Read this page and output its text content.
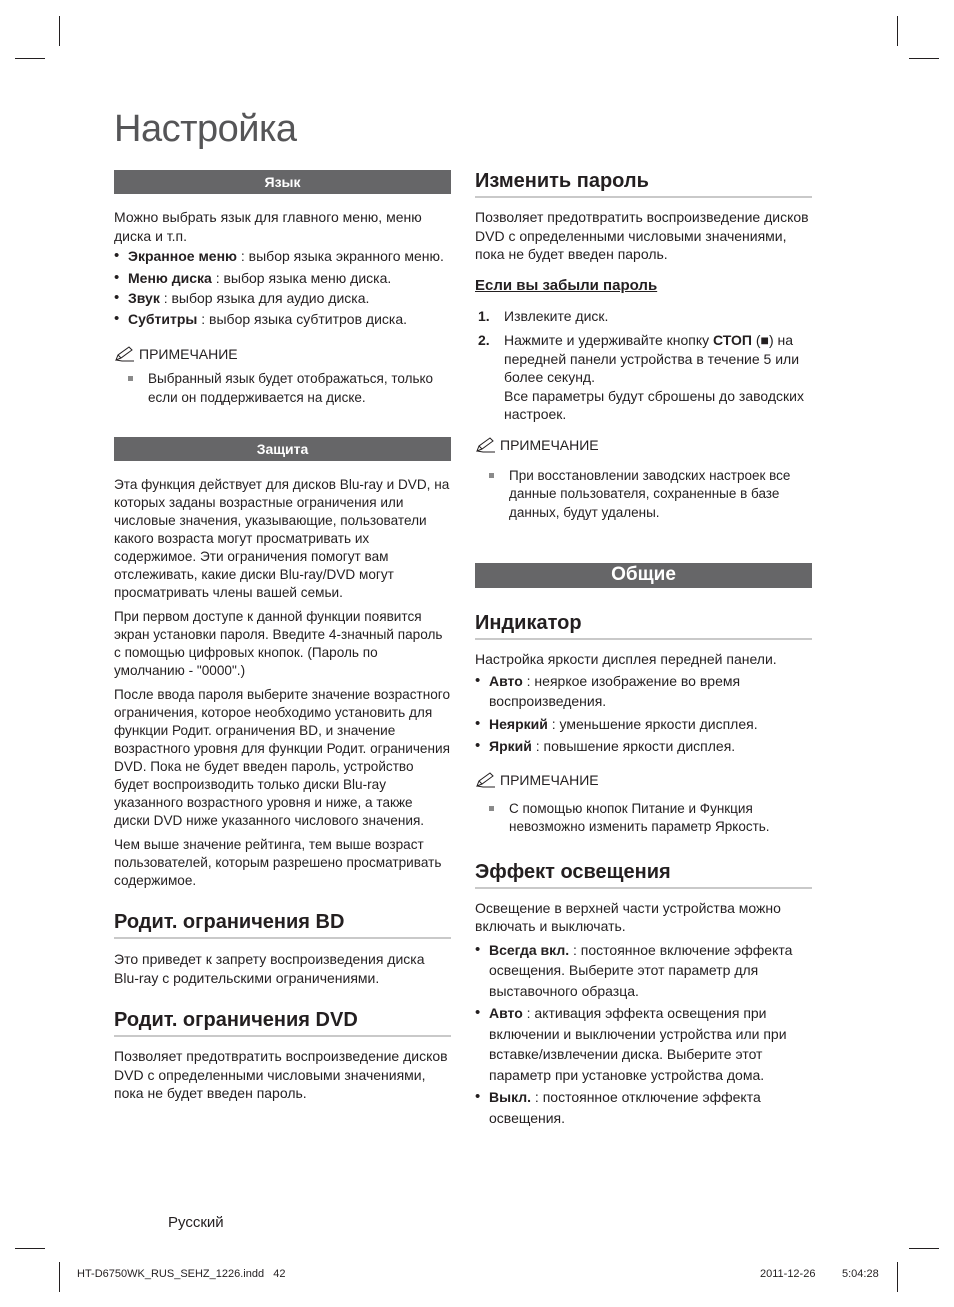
Настройка
Язык

Можно выбрать язык для главного меню, меню диска и т.п.

• Экранное меню : выбор языка экранного меню.
• Меню диска : выбор языка меню диска.
• Звук : выбор языка для аудио диска.
• Субтитры : выбор языка субтитров диска.
ПРИМЕЧАНИЕ
Выбранный язык будет отображаться, только если он поддерживается на диске.
Защита

Эта функция действует для дисков Blu-ray и DVD, на которых заданы возрастные ограничения или числовые значения, указывающие, пользователи какого возраста могут просматривать их содержимое. Эти ограничения помогут вам отслеживать, какие диски Blu-ray/DVD могут просматривать члены вашей семьи.

При первом доступе к данной функции появится экран установки пароля. Введите 4-значный пароль с помощью цифровых кнопок. (Пароль по умолчанию - "0000".)

После ввода пароля выберите значение возрастного ограничения, которое необходимо установить для функции Родит. ограничения BD, и значение возрастного уровня для функции Родит. ограничения DVD. Пока не будет введен пароль, устройство будет воспроизводить только диски Blu-ray указанного возрастного уровня и ниже, а также диски DVD ниже указанного числового значения.

Чем выше значение рейтинга, тем выше возраст пользователей, которым разрешено просматривать содержимое.

Родит. ограничения BD

Это приведет к запрету воспроизведения диска Blu-ray с родительскими ограничениями.

Родит. ограничения DVD

Позволяет предотвратить воспроизведение дисков DVD с определенными числовыми значениями, пока не будет введен пароль.

Изменить пароль

Позволяет предотвратить воспроизведение дисков DVD с определенными числовыми значениями, пока не будет введен пароль.

Если вы забыли пароль
1. Извлеките диск.
2. Нажмите и удерживайте кнопку СТОП (■) на передней панели устройства в течение 5 или более секунд.
Все параметры будут сброшены до заводских настроек.
ПРИМЕЧАНИЕ
При восстановлении заводских настроек все данные пользователя, сохраненные в базе данных, будут удалены.
Общие
Индикатор

Настройка яркости дисплея передней панели.

• Авто : неяркое изображение во время воспроизведения.
• Неяркий : уменьшение яркости дисплея.
• Яркий : повышение яркости дисплея.
ПРИМЕЧАНИЕ
С помощью кнопок Питание и Функция невозможно изменить параметр Яркость.
Эффект освещения

Освещение в верхней части устройства можно включать и выключать.

• Всегда вкл. : постоянное включение эффекта освещения. Выберите этот параметр для выставочного образца.
• Авто : активация эффекта освещения при включении и выключении устройства или при вставке/извлечении диска. Выберите этот параметр при установке устройства дома.
• Выкл. : постоянное отключение эффекта освещения.
Русский
HT-D6750WK_RUS_SEHZ_1226.indd 42	2011-12-26 5:04:28
